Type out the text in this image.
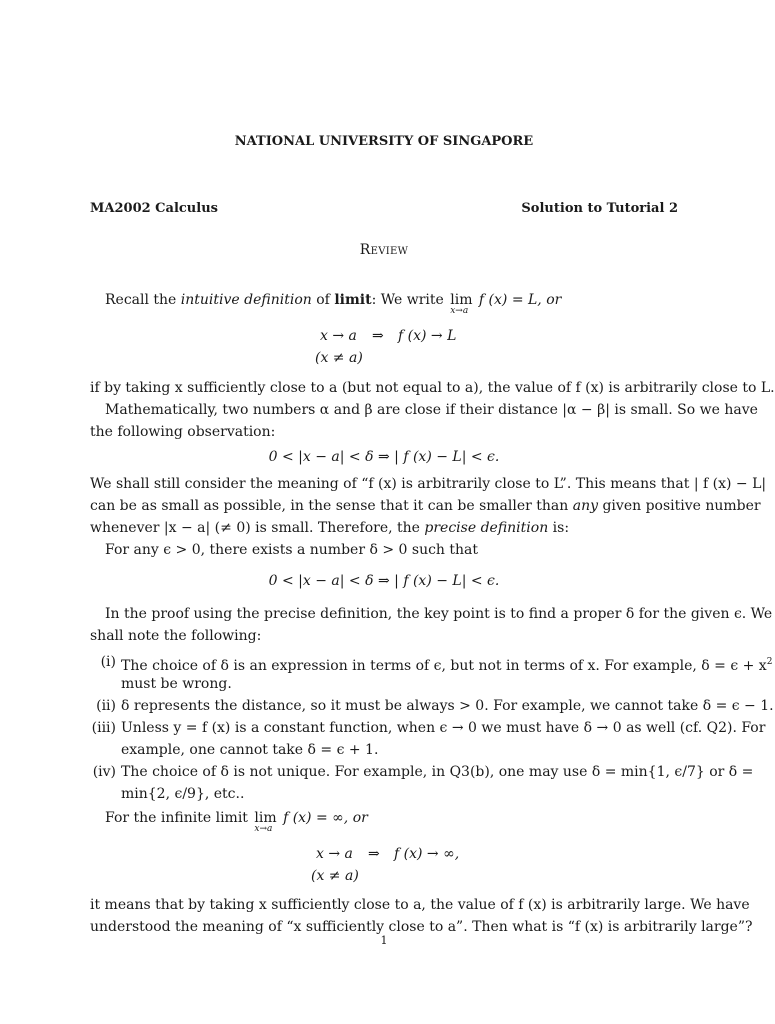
NATIONAL UNIVERSITY OF SINGAPORE
MA2002 Calculus	Solution to Tutorial 2
Review
Recall the intuitive definition of limit: We write lim
x→a
f (x) = L, or
x → a ⇒ f (x) → L
(x ≠ a)
if by taking x sufficiently close to a (but not equal to a), the value of f (x) is arbitrarily close to L.
Mathematically, two numbers α and β are close if their distance |α − β| is small. So we have
the following observation:
0 < |x − a| < δ ⇒ | f (x) − L| < ϵ.
We shall still consider the meaning of “f (x) is arbitrarily close to L”. This means that | f (x) − L|
can be as small as possible, in the sense that it can be smaller than any given positive number
whenever |x − a| (≠ 0) is small. Therefore, the precise definition is:
For any ϵ > 0, there exists a number δ > 0 such that
0 < |x − a| < δ ⇒ | f (x) − L| < ϵ.
In the proof using the precise definition, the key point is to find a proper δ for the given ϵ. We
shall note the following:
(i) The choice of δ is an expression in terms of ϵ, but not in terms of x. For example, $\delta = \epsilon + x^2$
must be wrong.
(ii) δ represents the distance, so it must be always > 0. For example, we cannot take δ = ϵ − 1.
(iii) Unless y = f (x) is a constant function, when ϵ → 0 we must have δ → 0 as well (cf. Q2). For
example, one cannot take δ = ϵ + 1.
(iv) The choice of δ is not unique. For example, in Q3(b), one may use δ = min{1, ϵ/7} or δ =
min{2, ϵ/9}, etc..
For the infinite limit lim
x→a
f (x) = ∞, or
x → a ⇒ f (x) → ∞,
(x ≠ a)
it means that by taking x sufficiently close to a, the value of f (x) is arbitrarily large. We have
understood the meaning of “x sufficiently close to a”. Then what is “f (x) is arbitrarily large”?
1
